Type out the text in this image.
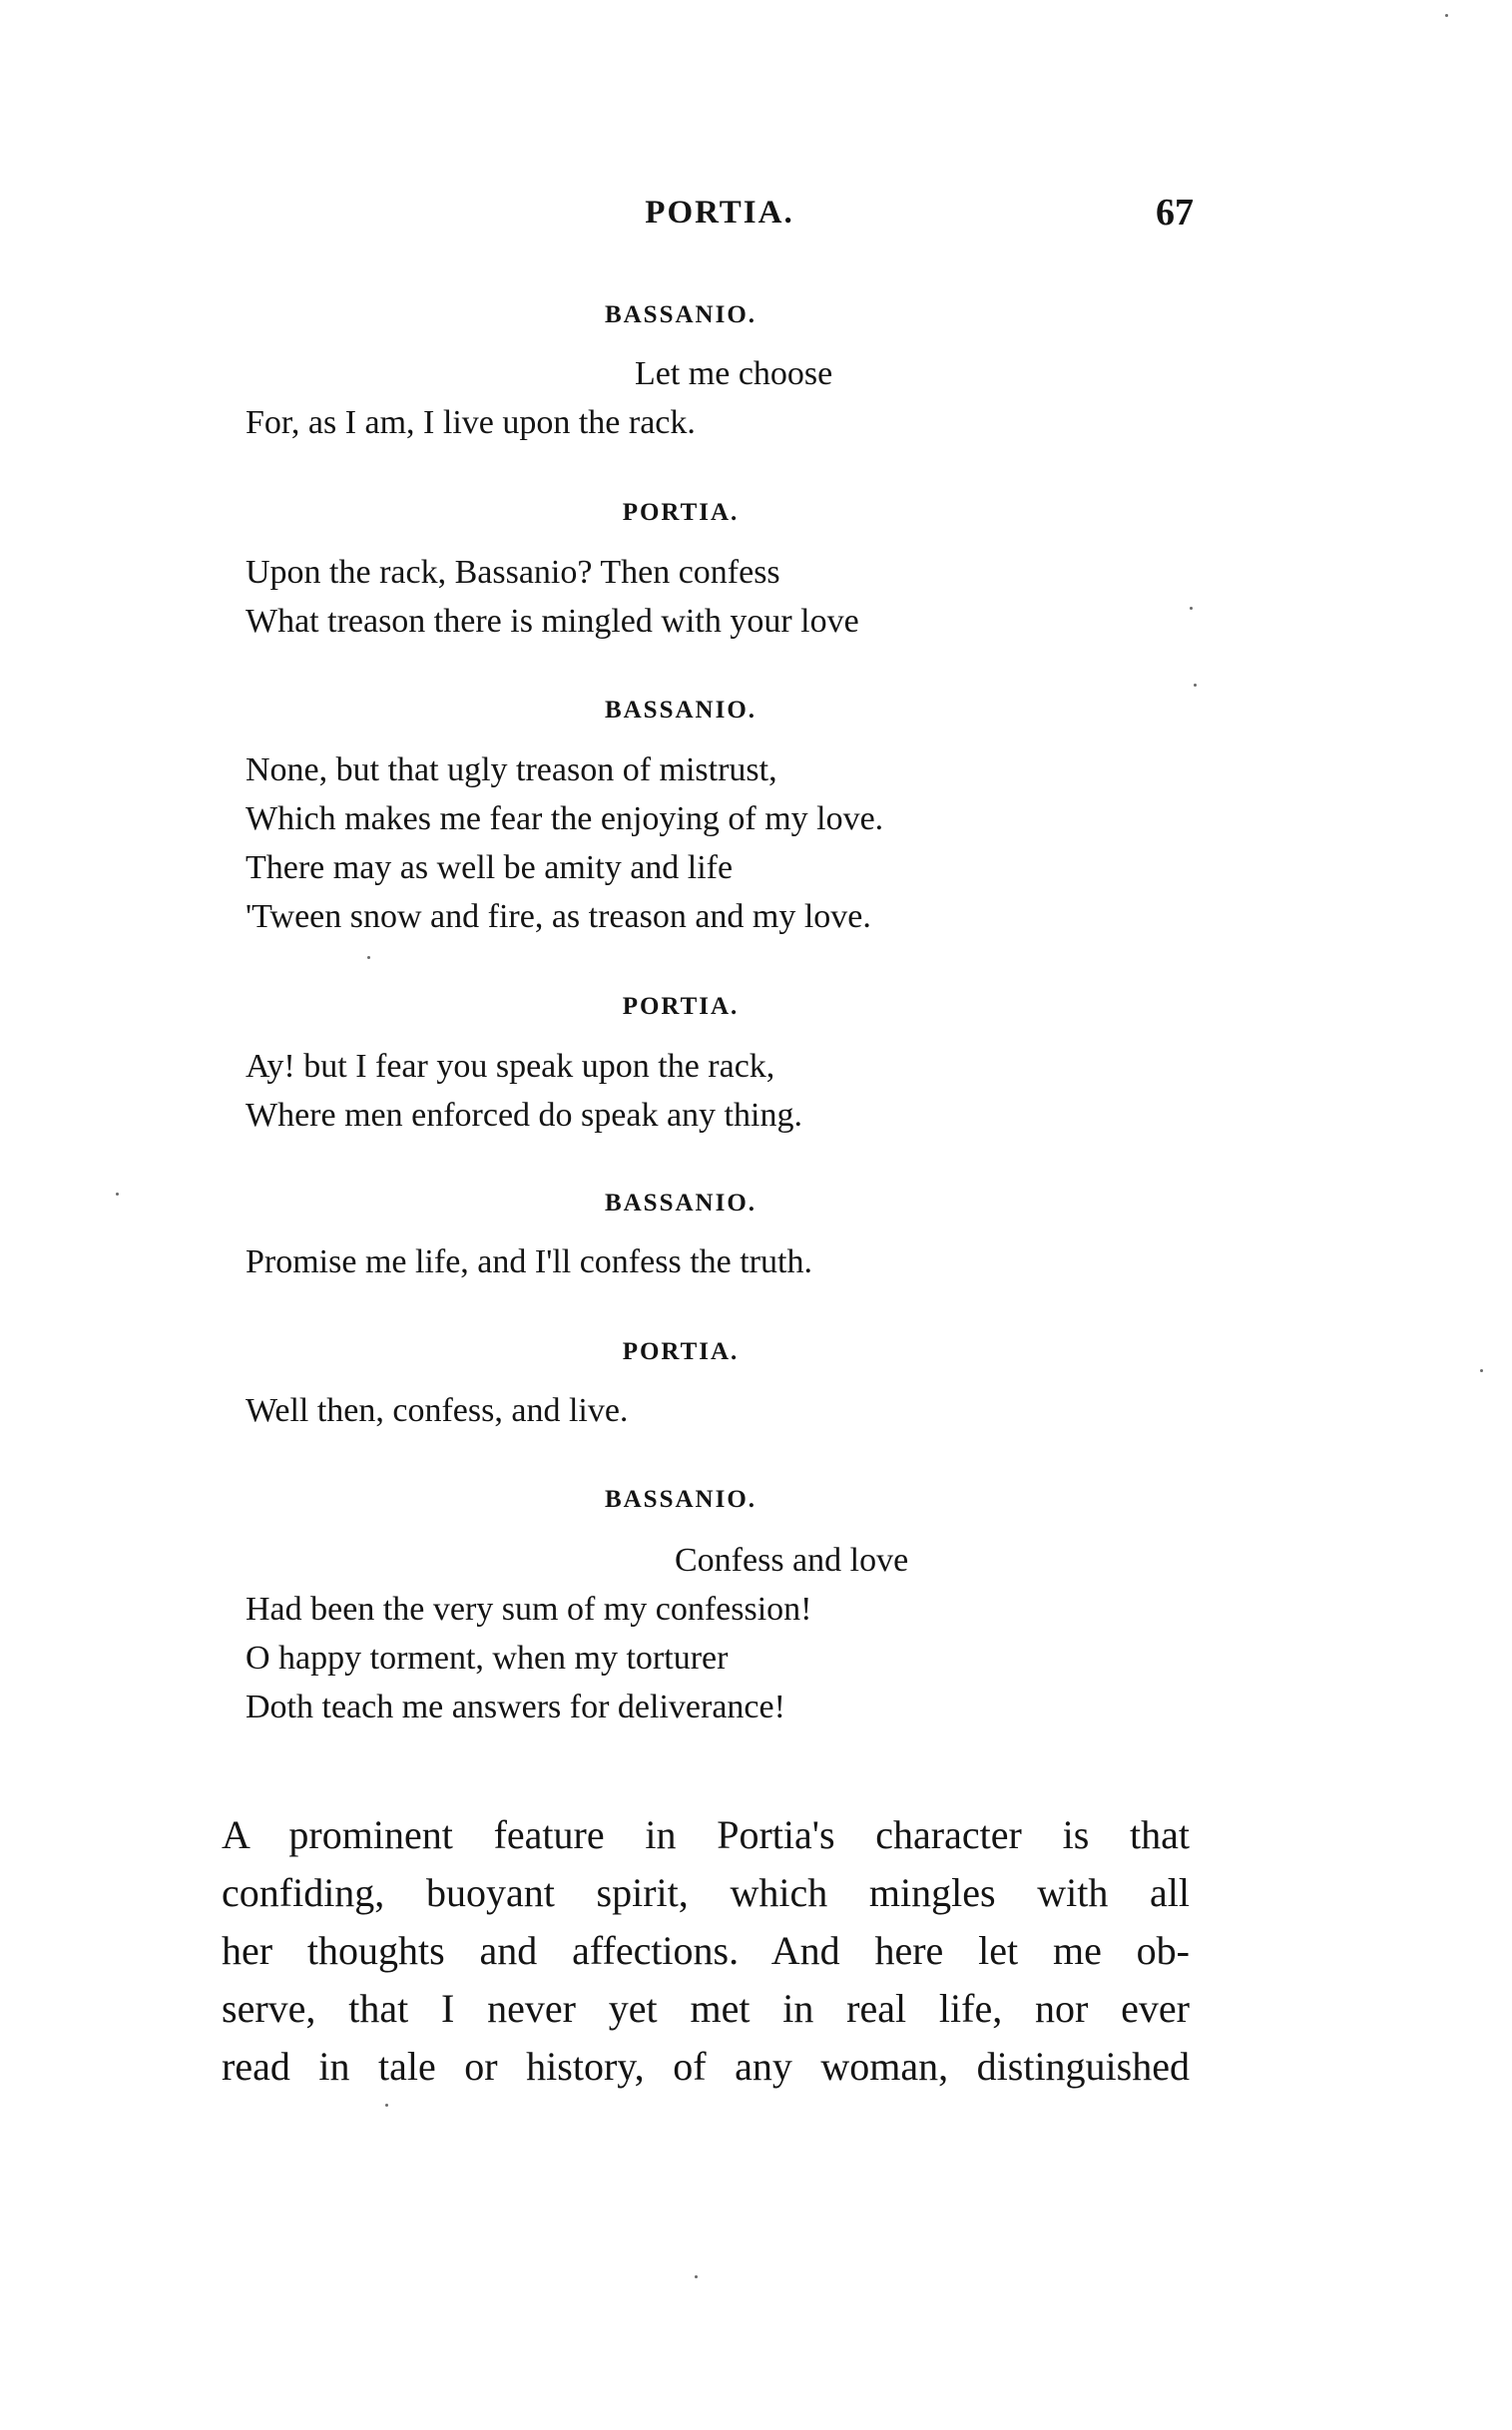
PORTIA.	67
BASSANIO.
Let me choose
For, as I am, I live upon the rack.
PORTIA.
Upon the rack, Bassanio? Then confess
What treason there is mingled with your love
BASSANIO.
None, but that ugly treason of mistrust,
Which makes me fear the enjoying of my love.
There may as well be amity and life
'Tween snow and fire, as treason and my love.
PORTIA.
Ay! but I fear you speak upon the rack,
Where men enforced do speak any thing.
BASSANIO.
Promise me life, and I'll confess the truth.
PORTIA.
Well then, confess, and live.
BASSANIO.
Confess and love
Had been the very sum of my confession!
O happy torment, when my torturer
Doth teach me answers for deliverance!
A prominent feature in Portia's character is that
confiding, buoyant spirit, which mingles with all
her thoughts and affections. And here let me ob-
serve, that I never yet met in real life, nor ever
read in tale or history, of any woman, distinguished
